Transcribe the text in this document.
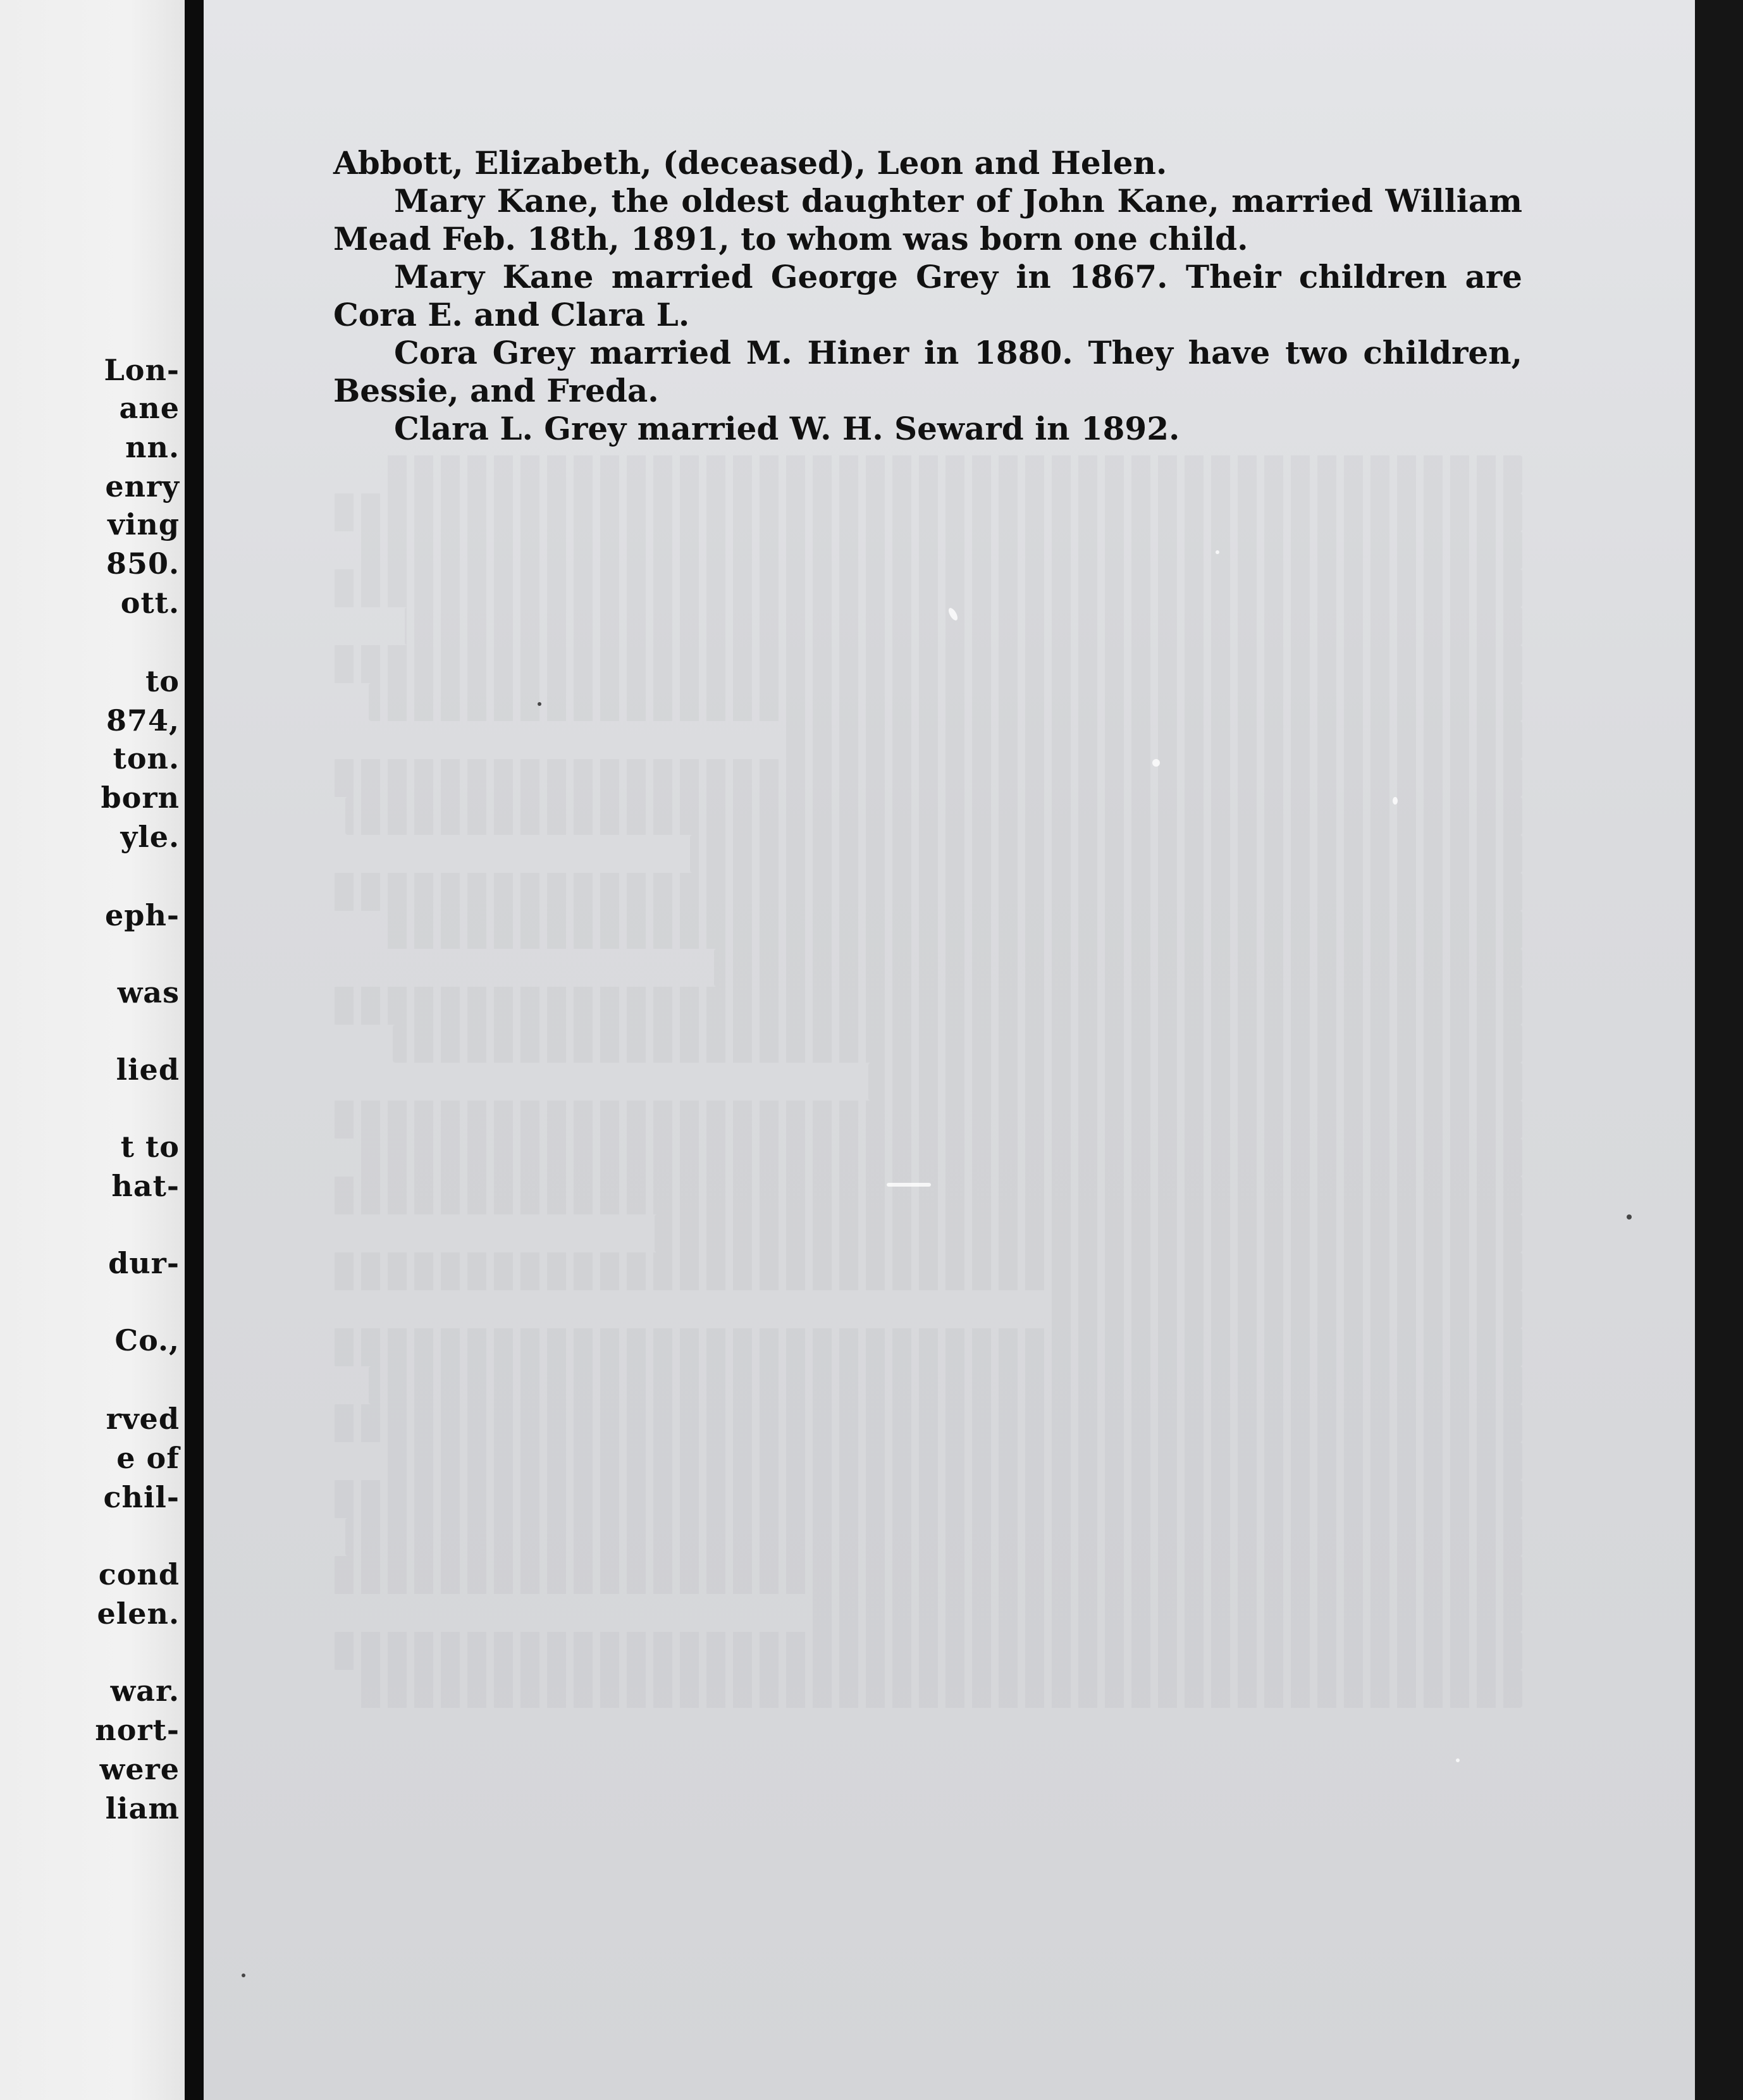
Lon-
ane
nn.
enry
ving
850.
ott.
to
874,
ton.
born
yle.
eph-
was
lied
t to
hat-
dur-
Co.,
rved
e of
chil-
cond
elen.
war.
nort-
were
liam

Abbott, Elizabeth, (deceased), Leon and Helen.

Mary Kane, the oldest daughter of John Kane, married William Mead Feb. 18th, 1891, to whom was born one child.

Mary Kane married George Grey in 1867. Their children are Cora E. and Clara L.

Cora Grey married M. Hiner in 1880. They have two children, Bessie, and Freda.

Clara L. Grey married W. H. Seward in 1892.
